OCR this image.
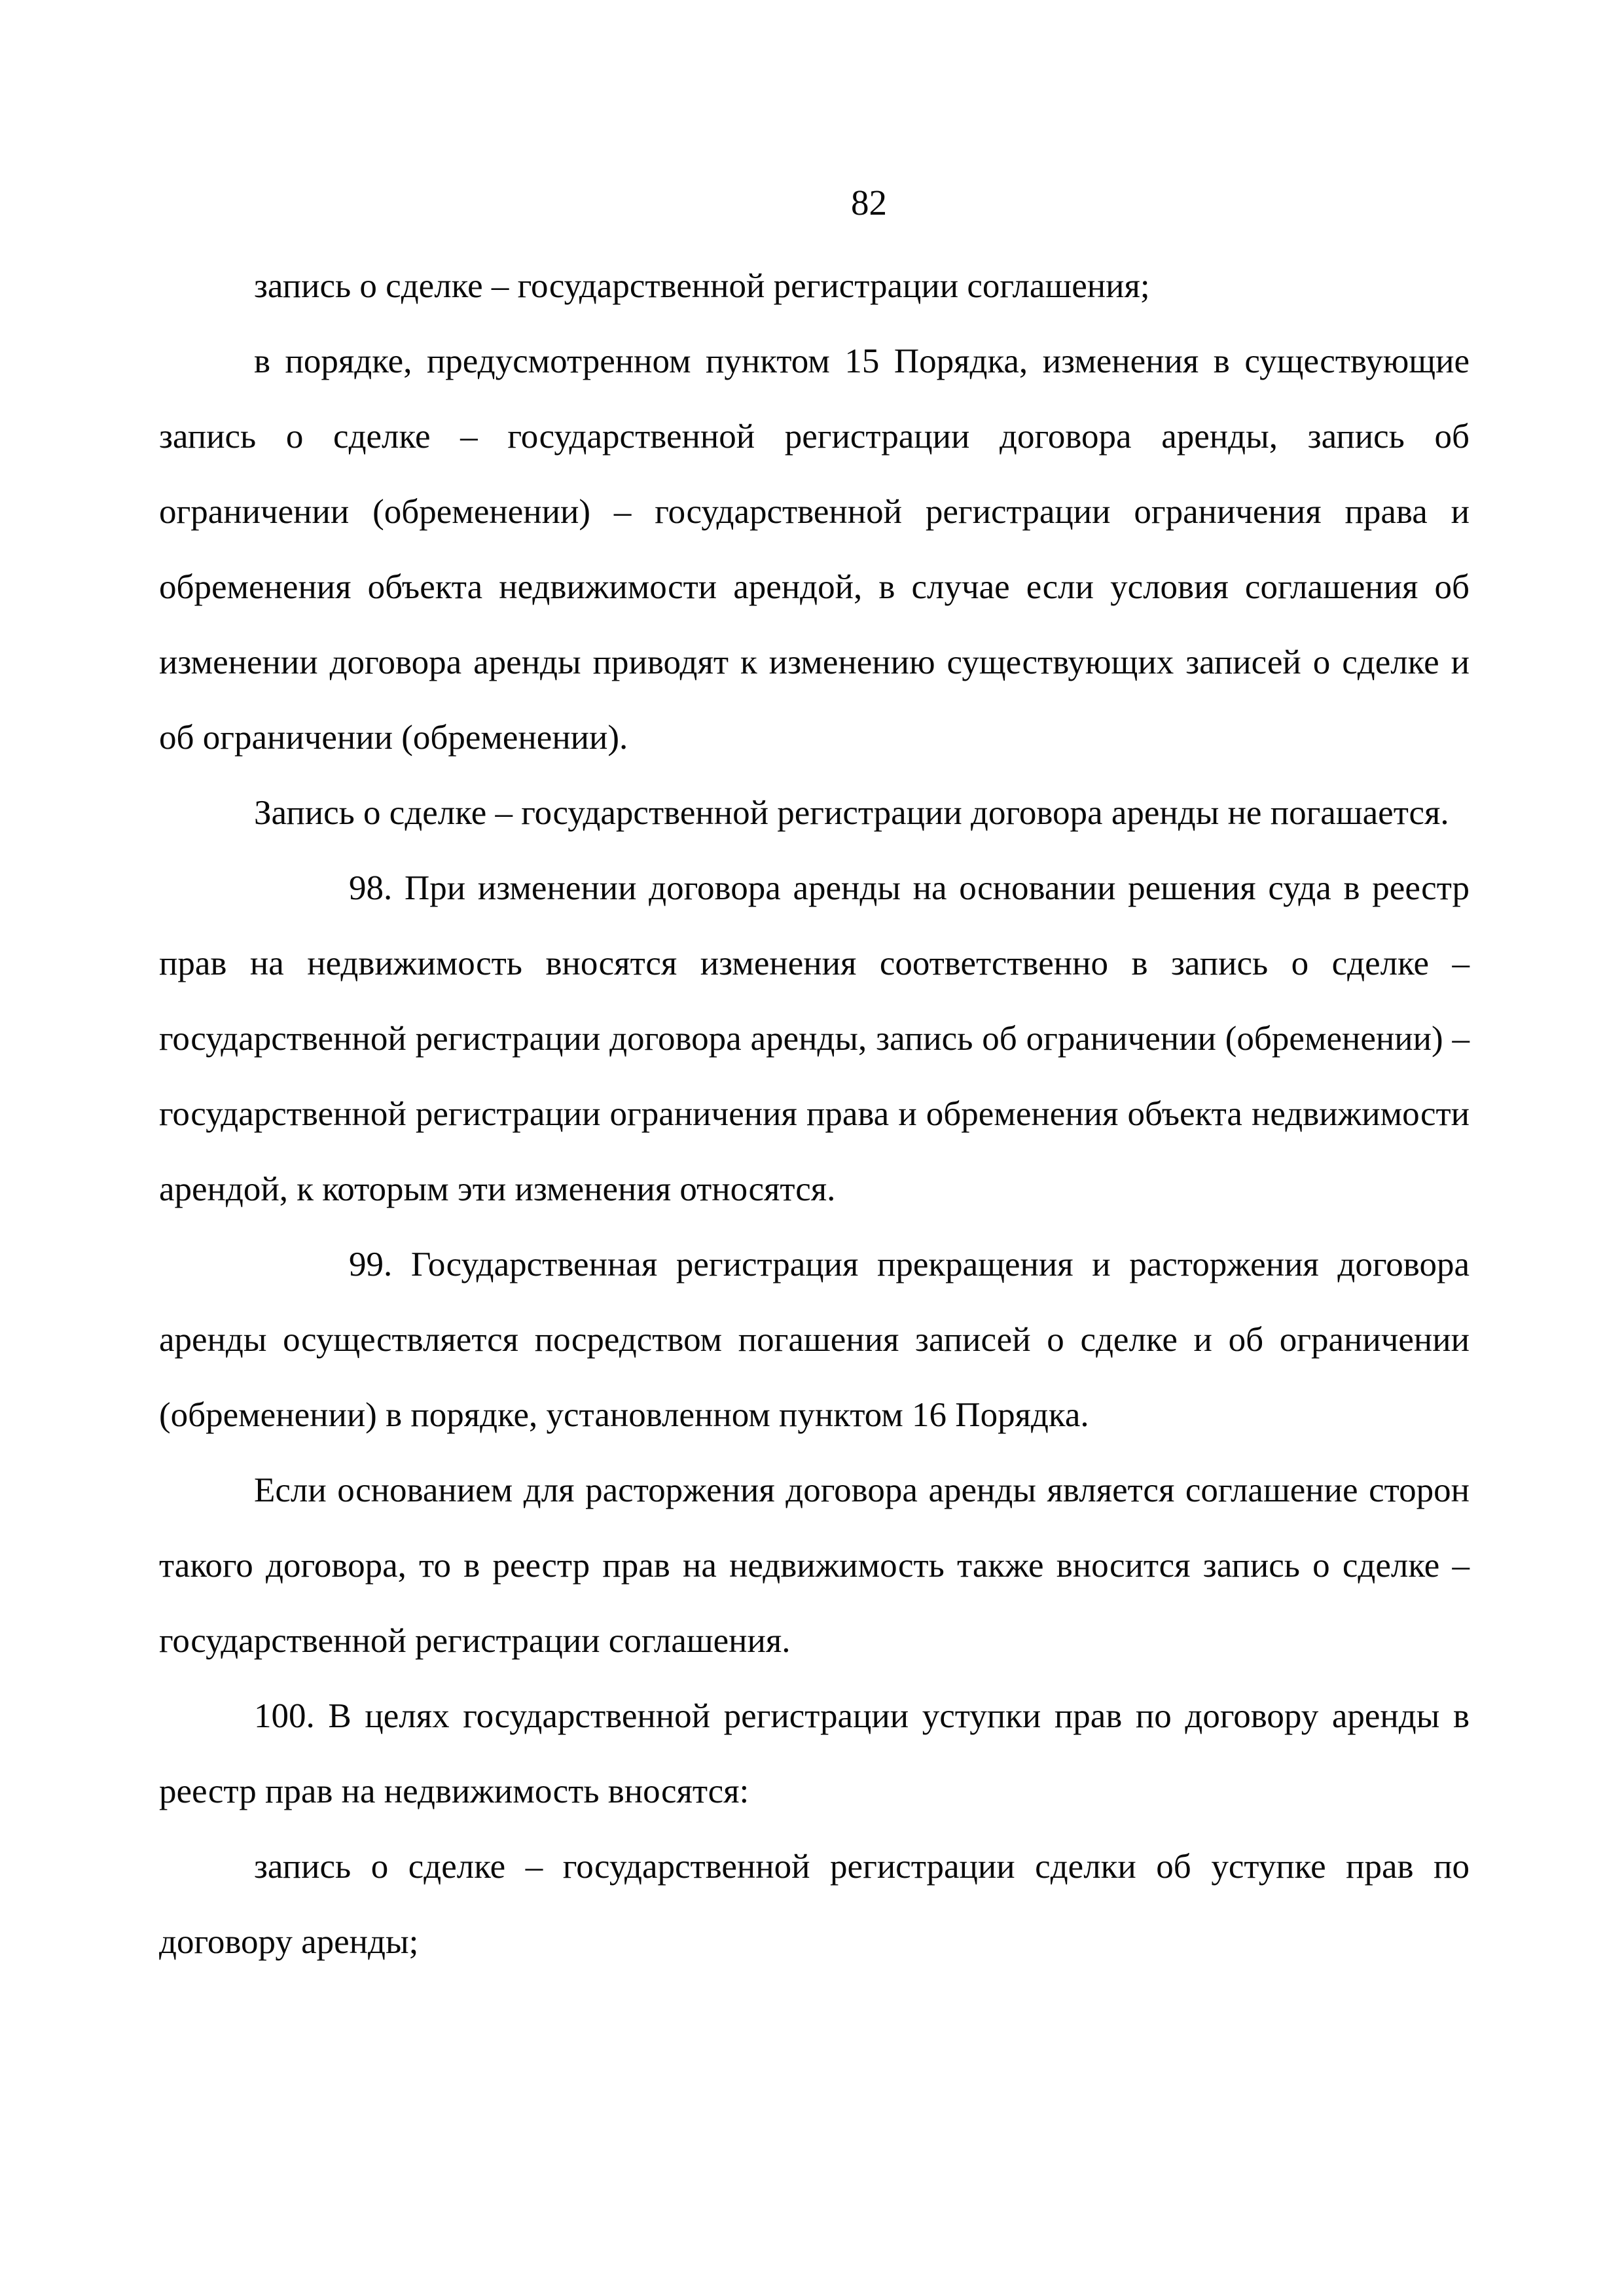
82

запись о сделке – государственной регистрации соглашения;

в порядке, предусмотренном пунктом 15 Порядка, изменения в существующие запись о сделке – государственной регистрации договора аренды, запись об ограничении (обременении) – государственной регистрации ограничения права и обременения объекта недвижимости арендой, в случае если условия соглашения об изменении договора аренды приводят к изменению существующих записей о сделке и об ограничении (обременении).

Запись о сделке – государственной регистрации договора аренды не погашается.

98. При изменении договора аренды на основании решения суда в реестр прав на недвижимость вносятся изменения соответственно в запись о сделке – государственной регистрации договора аренды, запись об ограничении (обременении) – государственной регистрации ограничения права и обременения объекта недвижимости арендой, к которым эти изменения относятся.

99. Государственная регистрация прекращения и расторжения договора аренды осуществляется посредством погашения записей о сделке и об ограничении (обременении) в порядке, установленном пунктом 16 Порядка.

Если основанием для расторжения договора аренды является соглашение сторон такого договора, то в реестр прав на недвижимость также вносится запись о сделке – государственной регистрации соглашения.

100. В целях государственной регистрации уступки прав по договору аренды в реестр прав на недвижимость вносятся:

запись о сделке – государственной регистрации сделки об уступке прав по договору аренды;
